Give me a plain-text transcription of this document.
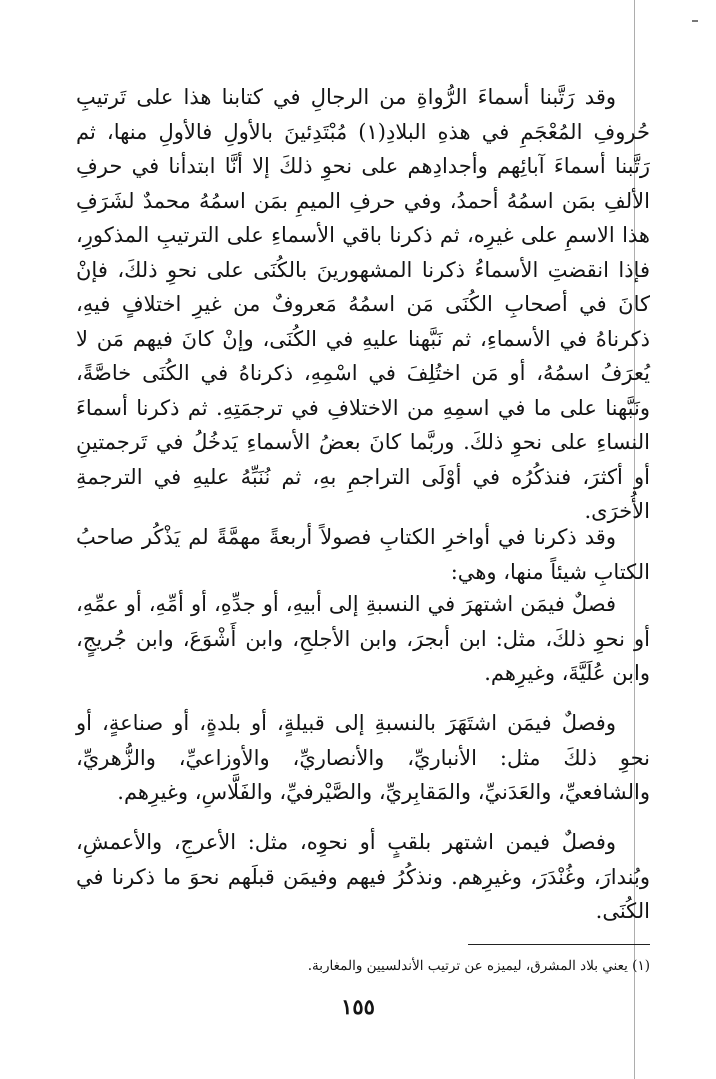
وقد رَتَّبنا أسماءَ الرُّواةِ من الرجالِ في كتابنا هذا على تَرتيبِ حُروفِ المُعْجَمِ في هذهِ البلادِ(١) مُبْتَدِئينَ بالأولِ فالأولِ منها، ثم رَتَّبنا أسماءَ آبائِهم وأجدادِهم على نحوِ ذلكَ إلا أنَّا ابتدأنا في حرفِ الألفِ بمَن اسمُهُ أحمدُ، وفي حرفِ الميمِ بمَن اسمُهُ محمدٌ لشَرَفِ هذا الاسمِ على غيرِه، ثم ذكرنا باقي الأسماءِ على الترتيبِ المذكورِ، فإذا انقضتِ الأسماءُ ذكرنا المشهورينَ بالكُنَى على نحوِ ذلكَ، فإنْ كانَ في أصحابِ الكُنَى مَن اسمُهُ مَعروفٌ من غيرِ اختلافٍ فيهِ، ذكرناهُ في الأسماءِ، ثم نَبَّهنا عليهِ في الكُنَى، وإنْ كانَ فيهم مَن لا يُعرَفُ اسمُهُ، أو مَن اختُلِفَ في اسْمِهِ، ذكرناهُ في الكُنَى خاصَّةً، ونَبَّهنا على ما في اسمِهِ من الاختلافِ في ترجمَتِهِ. ثم ذكرنا أسماءَ النساءِ على نحوِ ذلكَ. وربَّما كانَ بعضُ الأسماءِ يَدخُلُ في تَرجمتينِ أو أكثرَ، فنذكُرُه في أوْلَى التراجمِ بهِ، ثم نُنَبِّهُ عليهِ في الترجمةِ الأُخرَى.

وقد ذكرنا في أواخرِ الكتابِ فصولاً أربعةً مهمَّةً لم يَذْكُر صاحبُ الكتابِ شيئاً منها، وهي:

فصلٌ فيمَن اشتهرَ في النسبةِ إلى أبيهِ، أو جدِّهِ، أو أمِّهِ، أو عمِّهِ، أو نحوِ ذلكَ، مثل: ابن أبجرَ، وابن الأجلحِ، وابن أَشْوَعَ، وابن جُريجٍ، وابن عُلَيَّةَ، وغيرِهم.

وفصلٌ فيمَن اشتَهَرَ بالنسبةِ إلى قبيلةٍ، أو بلدةٍ، أو صناعةٍ، أو نحوِ ذلكَ مثل: الأنباريِّ، والأنصاريِّ، والأوزاعيِّ، والزُّهريِّ، والشافعيِّ، والعَدَنيِّ، والمَقابِريِّ، والصَّيْرفيِّ، والفَلَّاسِ، وغيرِهم.

وفصلٌ فيمن اشتهر بلقبٍ أو نحوِه، مثل: الأعرجِ، والأعمشِ، وبُندارَ، وغُنْدَرَ، وغيرِهم. ونذكُرُ فيهم وفيمَن قبلَهم نحوَ ما ذكرنا في الكُنَى.

(١) يعني بلاد المشرق، ليميزه عن ترتيب الأندلسيين والمغاربة.

١٥٥
